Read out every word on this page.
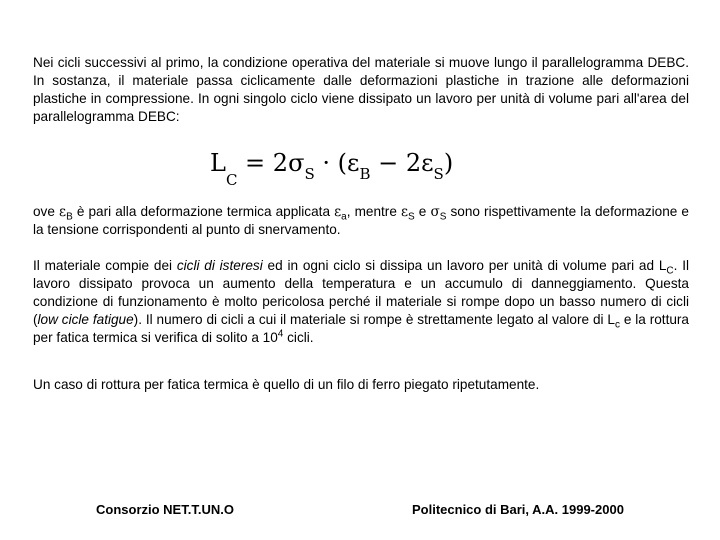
Nei cicli successivi al primo, la condizione operativa del materiale si muove lungo il parallelogramma DEBC. In sostanza, il materiale passa ciclicamente dalle deformazioni plastiche in trazione alle deformazioni plastiche in compressione. In ogni singolo ciclo viene dissipato un lavoro per unità di volume pari all'area del parallelogramma DEBC:

$L_C = 2\sigma_S \cdot (\varepsilon_B - 2\varepsilon_S)$

ove $\varepsilon_B$ è pari alla deformazione termica applicata $\varepsilon_a$, mentre $\varepsilon_S$ e $\sigma_S$ sono rispettivamente la deformazione e la tensione corrispondenti al punto di snervamento.

Il materiale compie dei cicli di isteresi ed in ogni ciclo si dissipa un lavoro per unità di volume pari ad $L_C$. Il lavoro dissipato provoca un aumento della temperatura e un accumulo di danneggiamento. Questa condizione di funzionamento è molto pericolosa perché il materiale si rompe dopo un basso numero di cicli (low cicle fatigue). Il numero di cicli a cui il materiale si rompe è strettamente legato al valore di $L_c$ e la rottura per fatica termica si verifica di solito a $10^4$ cicli.

Un caso di rottura per fatica termica è quello di un filo di ferro piegato ripetutamente.

Consorzio NET.T.UN.O	Politecnico di Bari, A.A. 1999-2000
